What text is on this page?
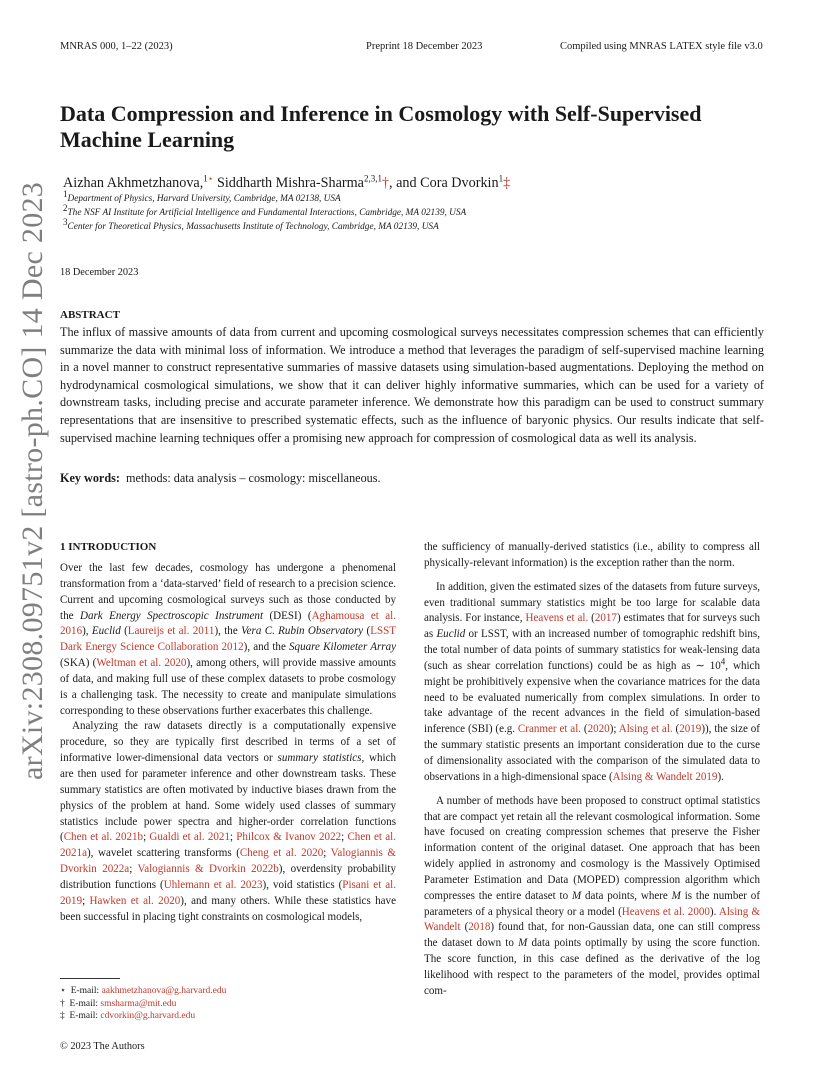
MNRAS 000, 1–22 (2023)	Preprint 18 December 2023	Compiled using MNRAS LATEX style file v3.0
arXiv:2308.09751v2 [astro-ph.CO] 14 Dec 2023
Data Compression and Inference in Cosmology with Self-Supervised Machine Learning
Aizhan Akhmetzhanova,$^{1⋆}$ Siddharth Mishra-Sharma$^{2,3,1}$†, and Cora Dvorkin$^1$‡
$^1$Department of Physics, Harvard University, Cambridge, MA 02138, USA
$^2$The NSF AI Institute for Artificial Intelligence and Fundamental Interactions, Cambridge, MA 02139, USA
$^3$Center for Theoretical Physics, Massachusetts Institute of Technology, Cambridge, MA 02139, USA
18 December 2023
ABSTRACT
The influx of massive amounts of data from current and upcoming cosmological surveys necessitates compression schemes that can efficiently summarize the data with minimal loss of information. We introduce a method that leverages the paradigm of self-supervised machine learning in a novel manner to construct representative summaries of massive datasets using simulation-based augmentations. Deploying the method on hydrodynamical cosmological simulations, we show that it can deliver highly informative summaries, which can be used for a variety of downstream tasks, including precise and accurate parameter inference. We demonstrate how this paradigm can be used to construct summary representations that are insensitive to prescribed systematic effects, such as the influence of baryonic physics. Our results indicate that self-supervised machine learning techniques offer a promising new approach for compression of cosmological data as well its analysis.
Key words: methods: data analysis – cosmology: miscellaneous.
1 INTRODUCTION

Over the last few decades, cosmology has undergone a phenomenal transformation from a ‘data-starved’ field of research to a precision science. Current and upcoming cosmological surveys such as those conducted by the Dark Energy Spectroscopic Instrument (DESI) (Aghamousa et al. 2016), Euclid (Laureijs et al. 2011), the Vera C. Rubin Observatory (LSST Dark Energy Science Collaboration 2012), and the Square Kilometer Array (SKA) (Weltman et al. 2020), among others, will provide massive amounts of data, and making full use of these complex datasets to probe cosmology is a challenging task. The necessity to create and manipulate simulations corresponding to these observations further exacerbates this challenge.

Analyzing the raw datasets directly is a computationally expensive procedure, so they are typically first described in terms of a set of informative lower-dimensional data vectors or summary statistics, which are then used for parameter inference and other downstream tasks. These summary statistics are often motivated by inductive biases drawn from the physics of the problem at hand. Some widely used classes of summary statistics include power spectra and higher-order correlation functions (Chen et al. 2021b; Gualdi et al. 2021; Philcox & Ivanov 2022; Chen et al. 2021a), wavelet scattering transforms (Cheng et al. 2020; Valogiannis & Dvorkin 2022a; Valogiannis & Dvorkin 2022b), overdensity probability distribution functions (Uhlemann et al. 2023), void statistics (Pisani et al. 2019; Hawken et al. 2020), and many others. While these statistics have been successful in placing tight constraints on cosmological models,

⋆ E-mail: aakhmetzhanova@g.harvard.edu
† E-mail: smsharma@mit.edu
‡ E-mail: cdvorkin@g.harvard.edu

the sufficiency of manually-derived statistics (i.e., ability to compress all physically-relevant information) is the exception rather than the norm.

In addition, given the estimated sizes of the datasets from future surveys, even traditional summary statistics might be too large for scalable data analysis. For instance, Heavens et al. (2017) estimates that for surveys such as Euclid or LSST, with an increased number of tomographic redshift bins, the total number of data points of summary statistics for weak-lensing data (such as shear correlation functions) could be as high as ∼ $10^4$, which might be prohibitively expensive when the covariance matrices for the data need to be evaluated numerically from complex simulations. In order to take advantage of the recent advances in the field of simulation-based inference (SBI) (e.g. Cranmer et al. (2020); Alsing et al. (2019)), the size of the summary statistic presents an important consideration due to the curse of dimensionality associated with the comparison of the simulated data to observations in a high-dimensional space (Alsing & Wandelt 2019).

A number of methods have been proposed to construct optimal statistics that are compact yet retain all the relevant cosmological information. Some have focused on creating compression schemes that preserve the Fisher information content of the original dataset. One approach that has been widely applied in astronomy and cosmology is the Massively Optimised Parameter Estimation and Data (MOPED) compression algorithm which compresses the entire dataset to M data points, where M is the number of parameters of a physical theory or a model (Heavens et al. 2000). Alsing & Wandelt (2018) found that, for non-Gaussian data, one can still compress the dataset down to M data points optimally by using the score function. The score function, in this case defined as the derivative of the log likelihood with respect to the parameters of the model, provides optimal com-

© 2023 The Authors
